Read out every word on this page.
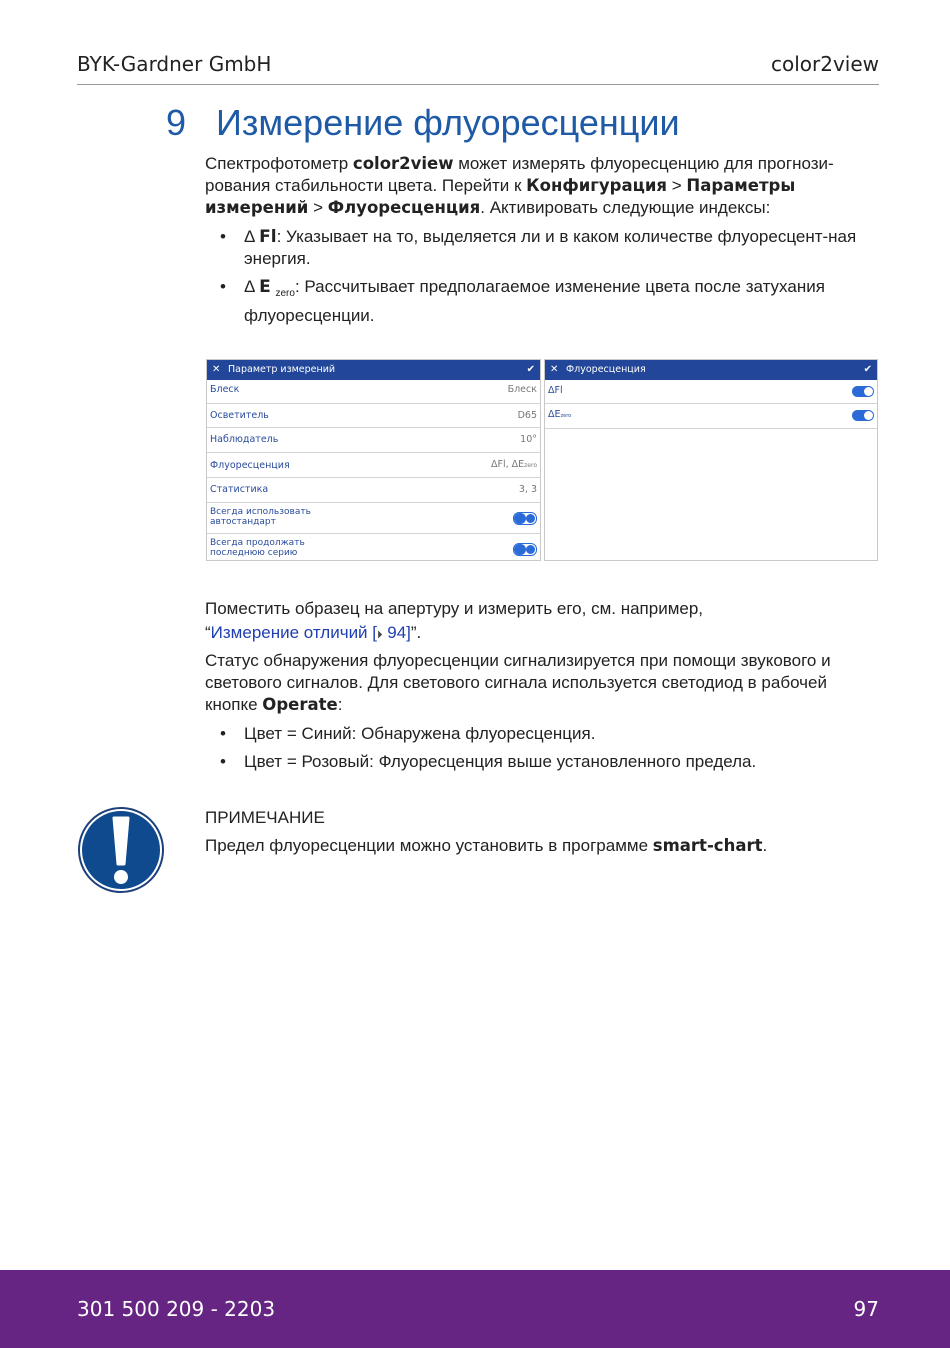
BYK-Gardner GmbH	color2view
9 Измерение флуоресценции
Спектрофотометр color2view может измерять флуоресценцию для прогнози-рования стабильности цвета. Перейти к Конфигурация > Параметры измерений > Флуоресценция. Активировать следующие индексы:
• Δ Fl: Указывает на то, выделяется ли и в каком количестве флуоресцент-ная энергия.
• Δ E $_{zero}$: Рассчитывает предполагаемое изменение цвета после затухания флуоресценции.
✕ Параметр измерений	✔
Блеск	Блеск
Осветитель	D65
Наблюдатель	10°
Флуоресценция	ΔFl, ΔEzero
Статистика	3, 3
Всегда использовать
автостандарт
Всегда продолжать
последнюю серию
✕ Флуоресценция	✔
ΔFl
ΔEzero
Поместить образец на апертуру и измерить его, см. например,
“Измерение отличий [⏵ 94]”.
Статус обнаружения флуоресценции сигнализируется при помощи звукового и светового сигналов. Для светового сигнала используется светодиод в рабочей кнопке Operate:
• Цвет = Синий: Обнаружена флуоресценция.
• Цвет = Розовый: Флуоресценция выше установленного предела.
ПРИМЕЧАНИЕ
Предел флуоресценции можно установить в программе smart-chart.
301 500 209 - 2203	97
